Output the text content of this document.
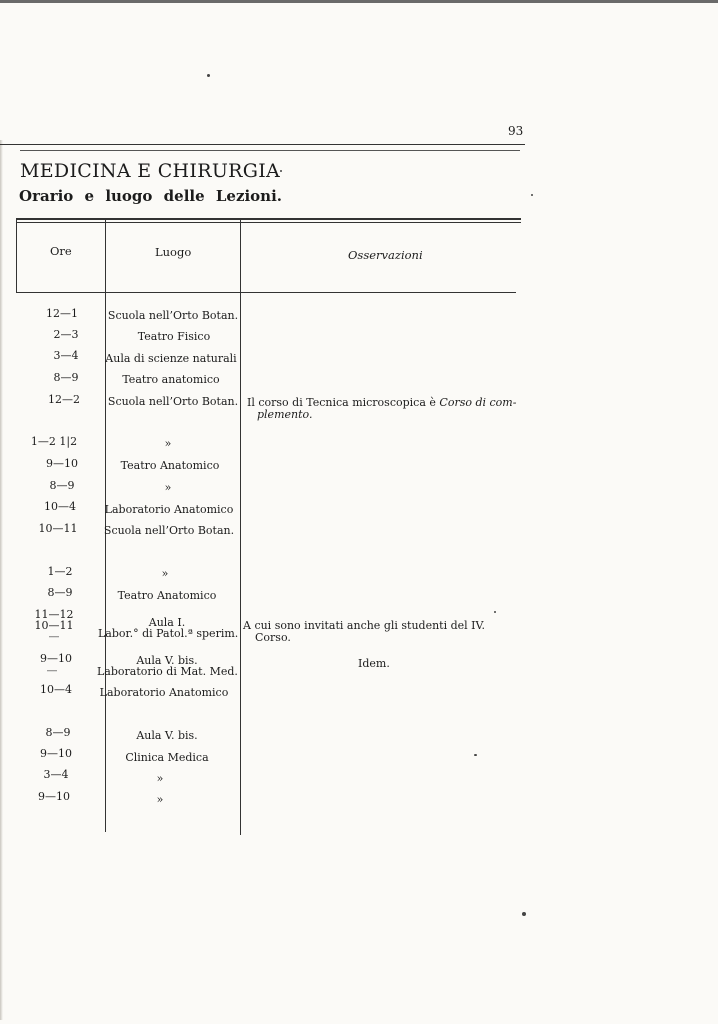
93
MEDICINA E CHIRURGIA
Orario e luogo delle Lezioni.
Ore	Luogo	Osservazioni
12—1
2—3
3—4
8—9
12—2
1—2 1|2
9—10
8—9
10—4
10—11
1—2
8—9
11—12
10—11
—
9—10
—
10—4
8—9
9—10
3—4
9—10
Scuola nell’Orto Botan.
Teatro Fisico
Aula di scienze naturali
Teatro anatomico
Scuola nell’Orto Botan.
»
Teatro Anatomico
»
Laboratorio Anatomico
Scuola nell’Orto Botan.
»
Teatro Anatomico
Aula I.
Labor.° di Patol.ª sperim.
Aula V. bis.
Laboratorio di Mat. Med.
Laboratorio Anatomico
Aula V. bis.
Clinica Medica
»
»
Il corso di Tecnica microscopica è Corso di com-
plemento.
A cui sono invitati anche gli studenti del IV.
Corso.
Idem.
